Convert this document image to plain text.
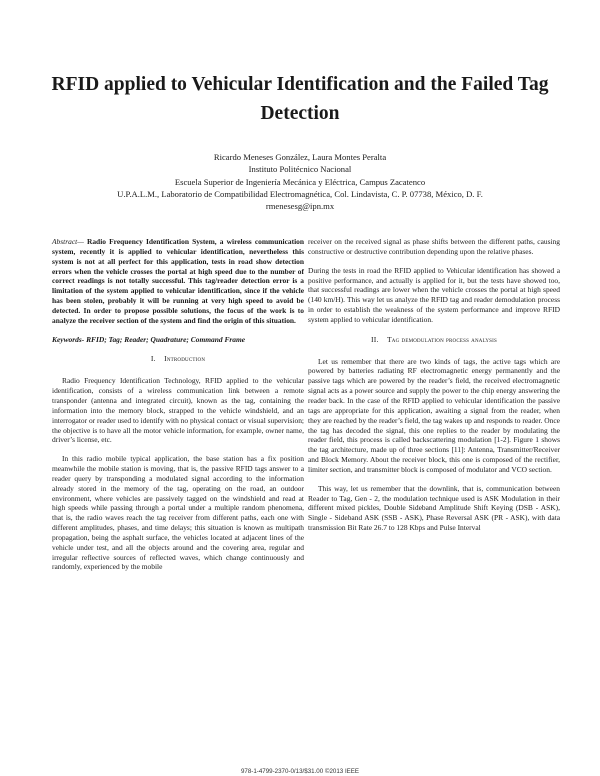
RFID applied to Vehicular Identification and the Failed Tag Detection
Ricardo Meneses González, Laura Montes Peralta
Instituto Politécnico Nacional
Escuela Superior de Ingeniería Mecánica y Eléctrica, Campus Zacatenco
U.P.A.L.M., Laboratorio de Compatibilidad Electromagnética, Col. Lindavista, C. P. 07738, México, D. F.
rmenesesg@ipn.mx

Abstract— Radio Frequency Identification System, a wireless communication system, recently it is applied to vehicular identification, nevertheless this system is not at all perfect for this application, tests in road show detection errors when the vehicle crosses the portal at high speed due to the number of correct readings is not totally successful. This tag/reader detection error is a limitation of the system applied to vehicular identification, since if the vehicle has been stolen, probably it will be running at very high speed to avoid be detected. In order to propose possible solutions, the focus of the work is to analyze the receiver section of the system and find the origin of this situation.

Keywords- RFID; Tag; Reader; Quadrature; Command Frame

I. Introduction

Radio Frequency Identification Technology, RFID applied to the vehicular identification, consists of a wireless communication link between a remote transponder (antenna and integrated circuit), known as the tag, containing the information into the memory block, strapped to the vehicle windshield, and an interrogator or reader used to identify with no physical contact or visual supervision; the objective is to have all the motor vehicle information, for example, owner name, driver’s license, etc.

In this radio mobile typical application, the base station has a fix position meanwhile the mobile station is moving, that is, the passive RFID tags answer to a reader query by transponding a modulated signal according to the information already stored in the memory of the tag, operating on the road, an outdoor environment, where vehicles are passively tagged on the windshield and read at high speeds while passing through a portal under a multiple random phenomena, that is, the radio waves reach the tag receiver from different paths, each one with different amplitudes, phases, and time delays; this situation is known as multipath propagation, being the asphalt surface, the vehicles located at adjacent lines of the vehicle under test, and all the objects around and the covering area, regular and irregular reflective sources of reflected waves, which change continuously and randomly, experienced by the mobile

receiver on the received signal as phase shifts between the different paths, causing constructive or destructive contribution depending upon the relative phases.

During the tests in road the RFID applied to Vehicular identification has showed a positive performance, and actually is applied for it, but the tests have showed too, that successful readings are lower when the vehicle crosses the portal at high speed (140 km/H). This way let us analyze the RFID tag and reader demodulation process in order to establish the weakness of the system performance and improve RFID system applied to vehicular identification.

II. Tag demodulation process analysis

Let us remember that there are two kinds of tags, the active tags which are powered by batteries radiating RF electromagnetic energy permanently and the passive tags which are powered by the reader’s field, the received electromagnetic signal acts as a power source and supply the power to the chip energy answering the reader back. In the case of the RFID applied to vehicular identification the passive tags are appropriate for this application, awaiting a signal from the reader, when they are reached by the reader’s field, the tag wakes up and responds to reader. Once the tag has decoded the signal, this one replies to the reader by modulating the reader field, this process is called backscattering modulation [1-2]. Figure 1 shows the tag architecture, made up of three sections [11]: Antenna, Transmitter/Receiver and Block Memory. About the receiver block, this one is composed of the rectifier, limiter section, and transmitter block is composed of modulator and VCO section.

This way, let us remember that the downlink, that is, communication between Reader to Tag, Gen - 2, the modulation technique used is ASK Modulation in their different mixed pickles, Double Sideband Amplitude Shift Keying (DSB - ASK), Single - Sideband ASK (SSB - ASK), Phase Reversal ASK (PR - ASK), with data transmission Bit Rate 26.7 to 128 Kbps and Pulse Interval

978-1-4799-2370-0/13/$31.00 ©2013 IEEE
